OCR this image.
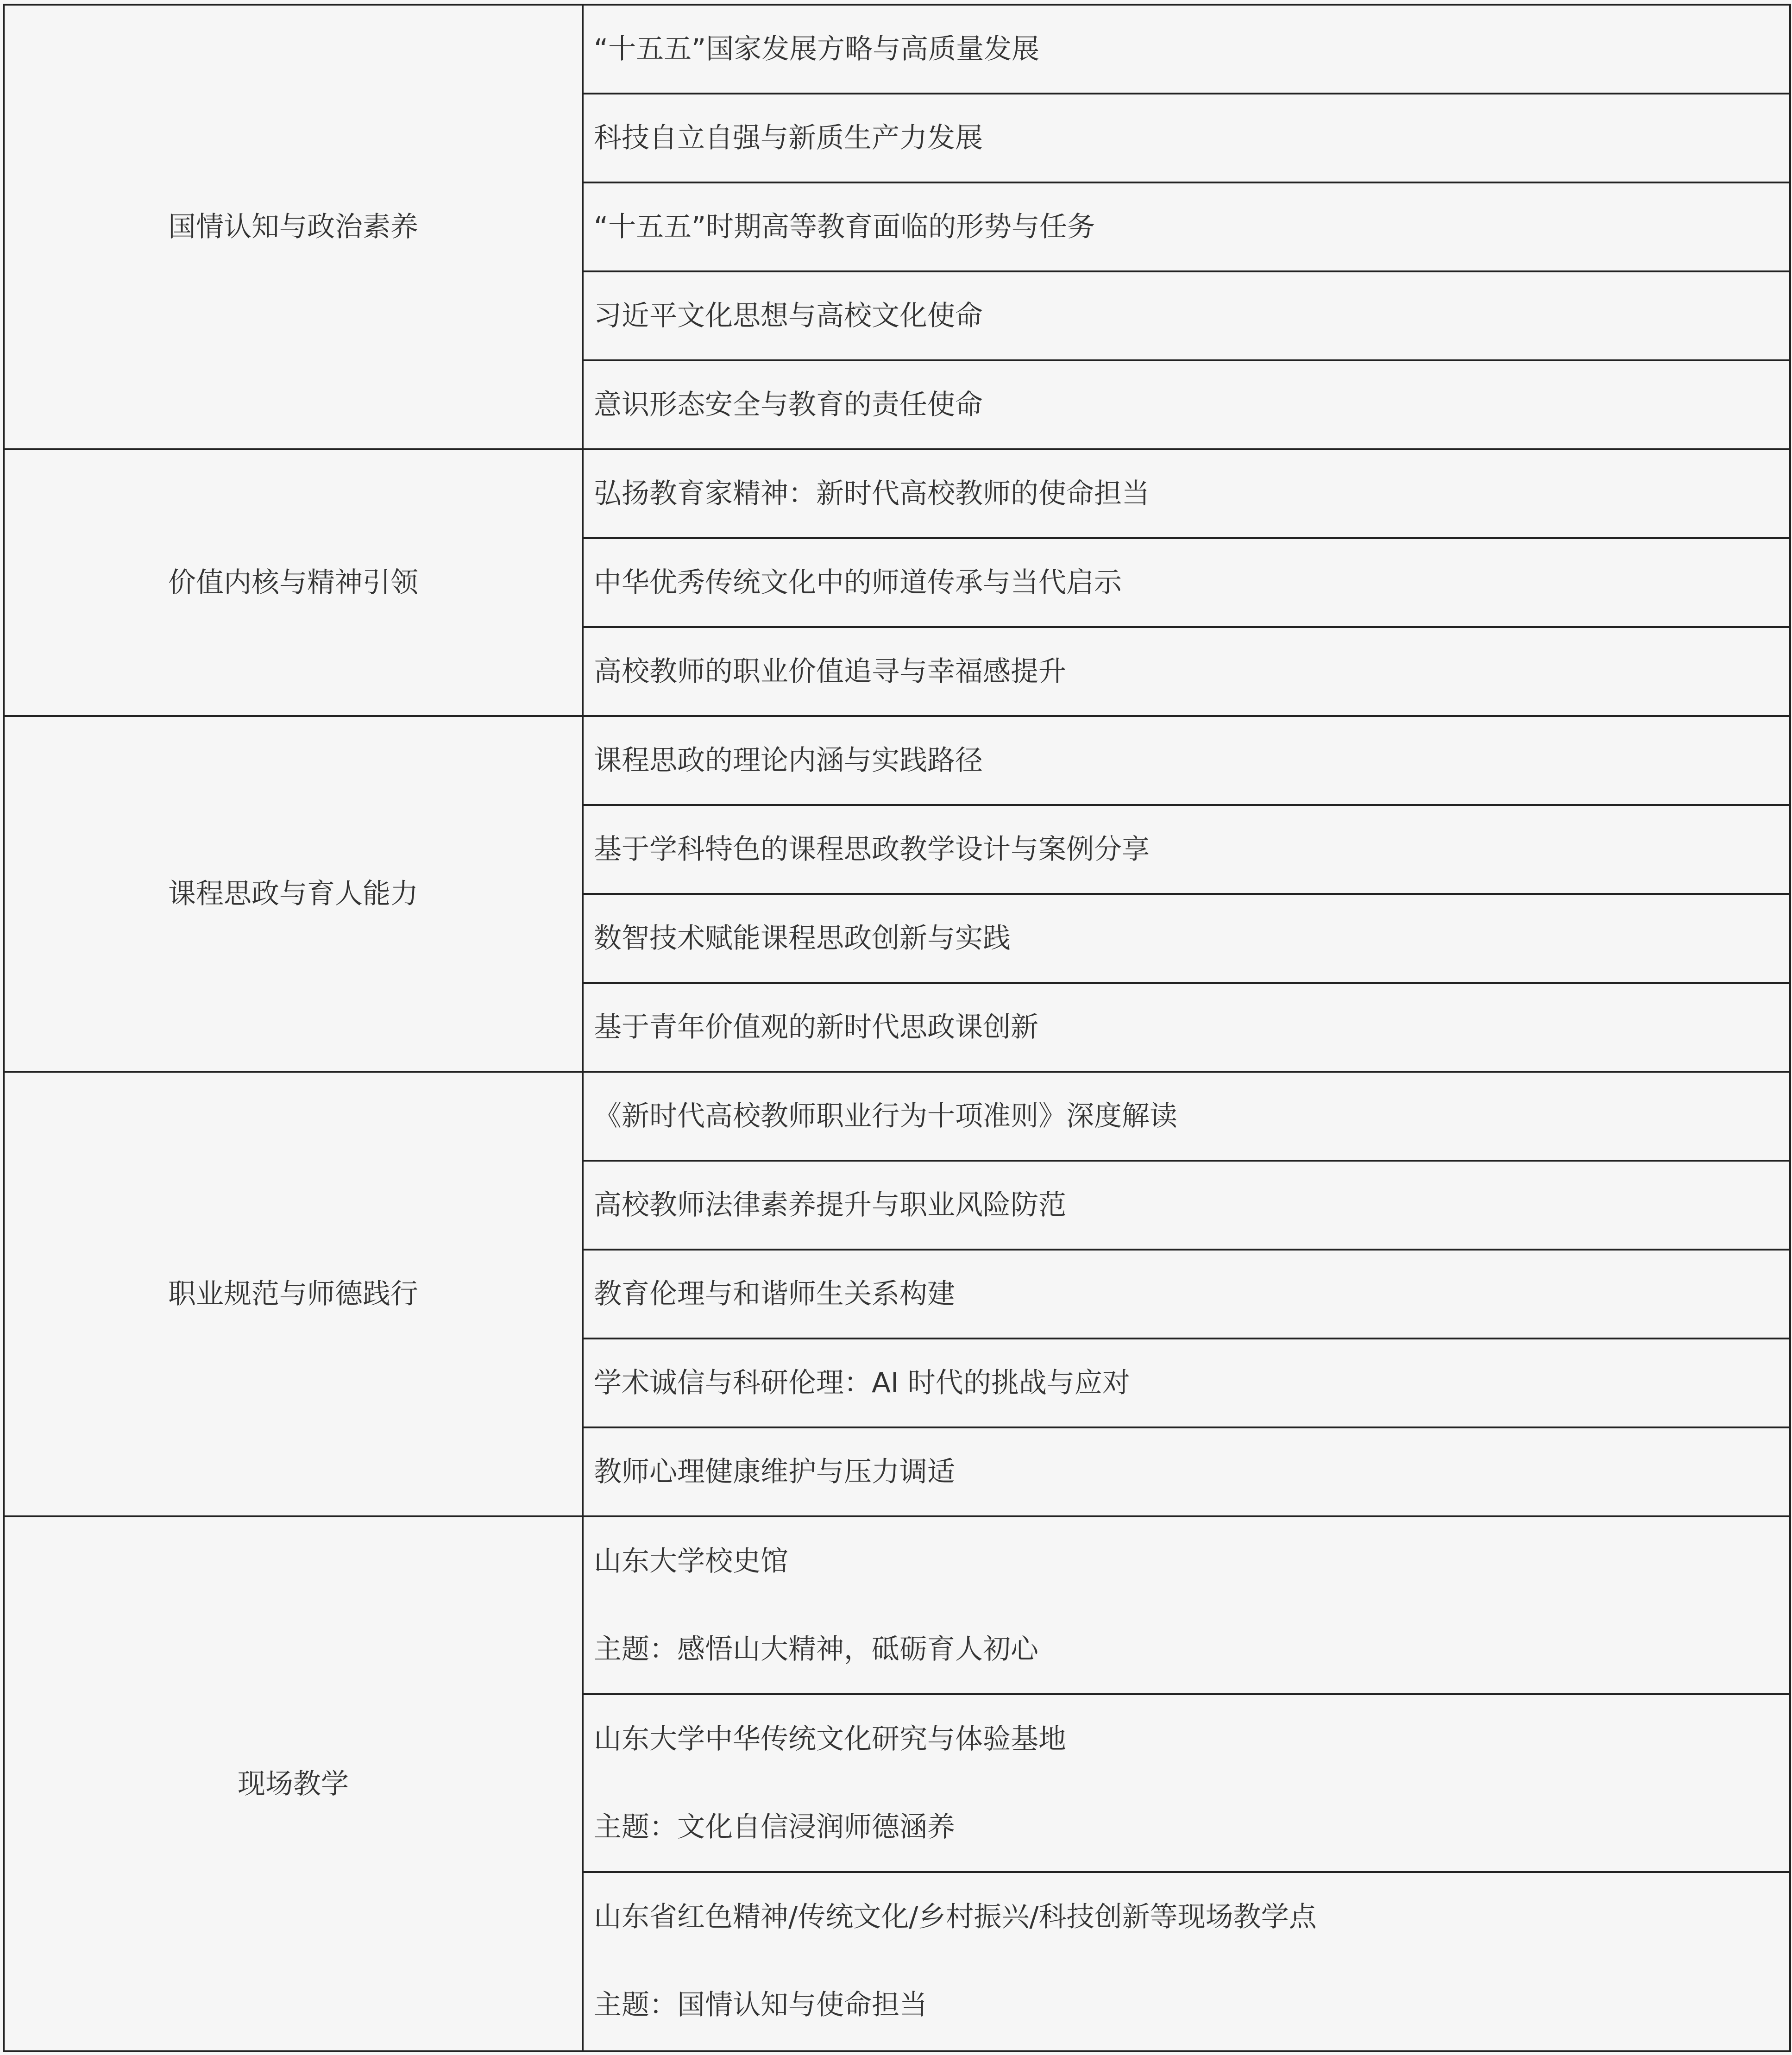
国情认知与政治素养	“十五五”国家发展方略与高质量发展
	科技自立自强与新质生产力发展
	“十五五”时期高等教育面临的形势与任务
	习近平文化思想与高校文化使命
	意识形态安全与教育的责任使命
价值内核与精神引领	弘扬教育家精神：新时代高校教师的使命担当
	中华优秀传统文化中的师道传承与当代启示
	高校教师的职业价值追寻与幸福感提升
课程思政与育人能力	课程思政的理论内涵与实践路径
	基于学科特色的课程思政教学设计与案例分享
	数智技术赋能课程思政创新与实践
	基于青年价值观的新时代思政课创新
职业规范与师德践行	《新时代高校教师职业行为十项准则》深度解读
	高校教师法律素养提升与职业风险防范
	教育伦理与和谐师生关系构建
	学术诚信与科研伦理：AI 时代的挑战与应对
	教师心理健康维护与压力调适
现场教学	山东大学校史馆
主题：感悟山大精神，砥砺育人初心

	山东大学中华传统文化研究与体验基地
主题：文化自信浸润师德涵养

	山东省红色精神/传统文化/乡村振兴/科技创新等现场教学点
主题：国情认知与使命担当
